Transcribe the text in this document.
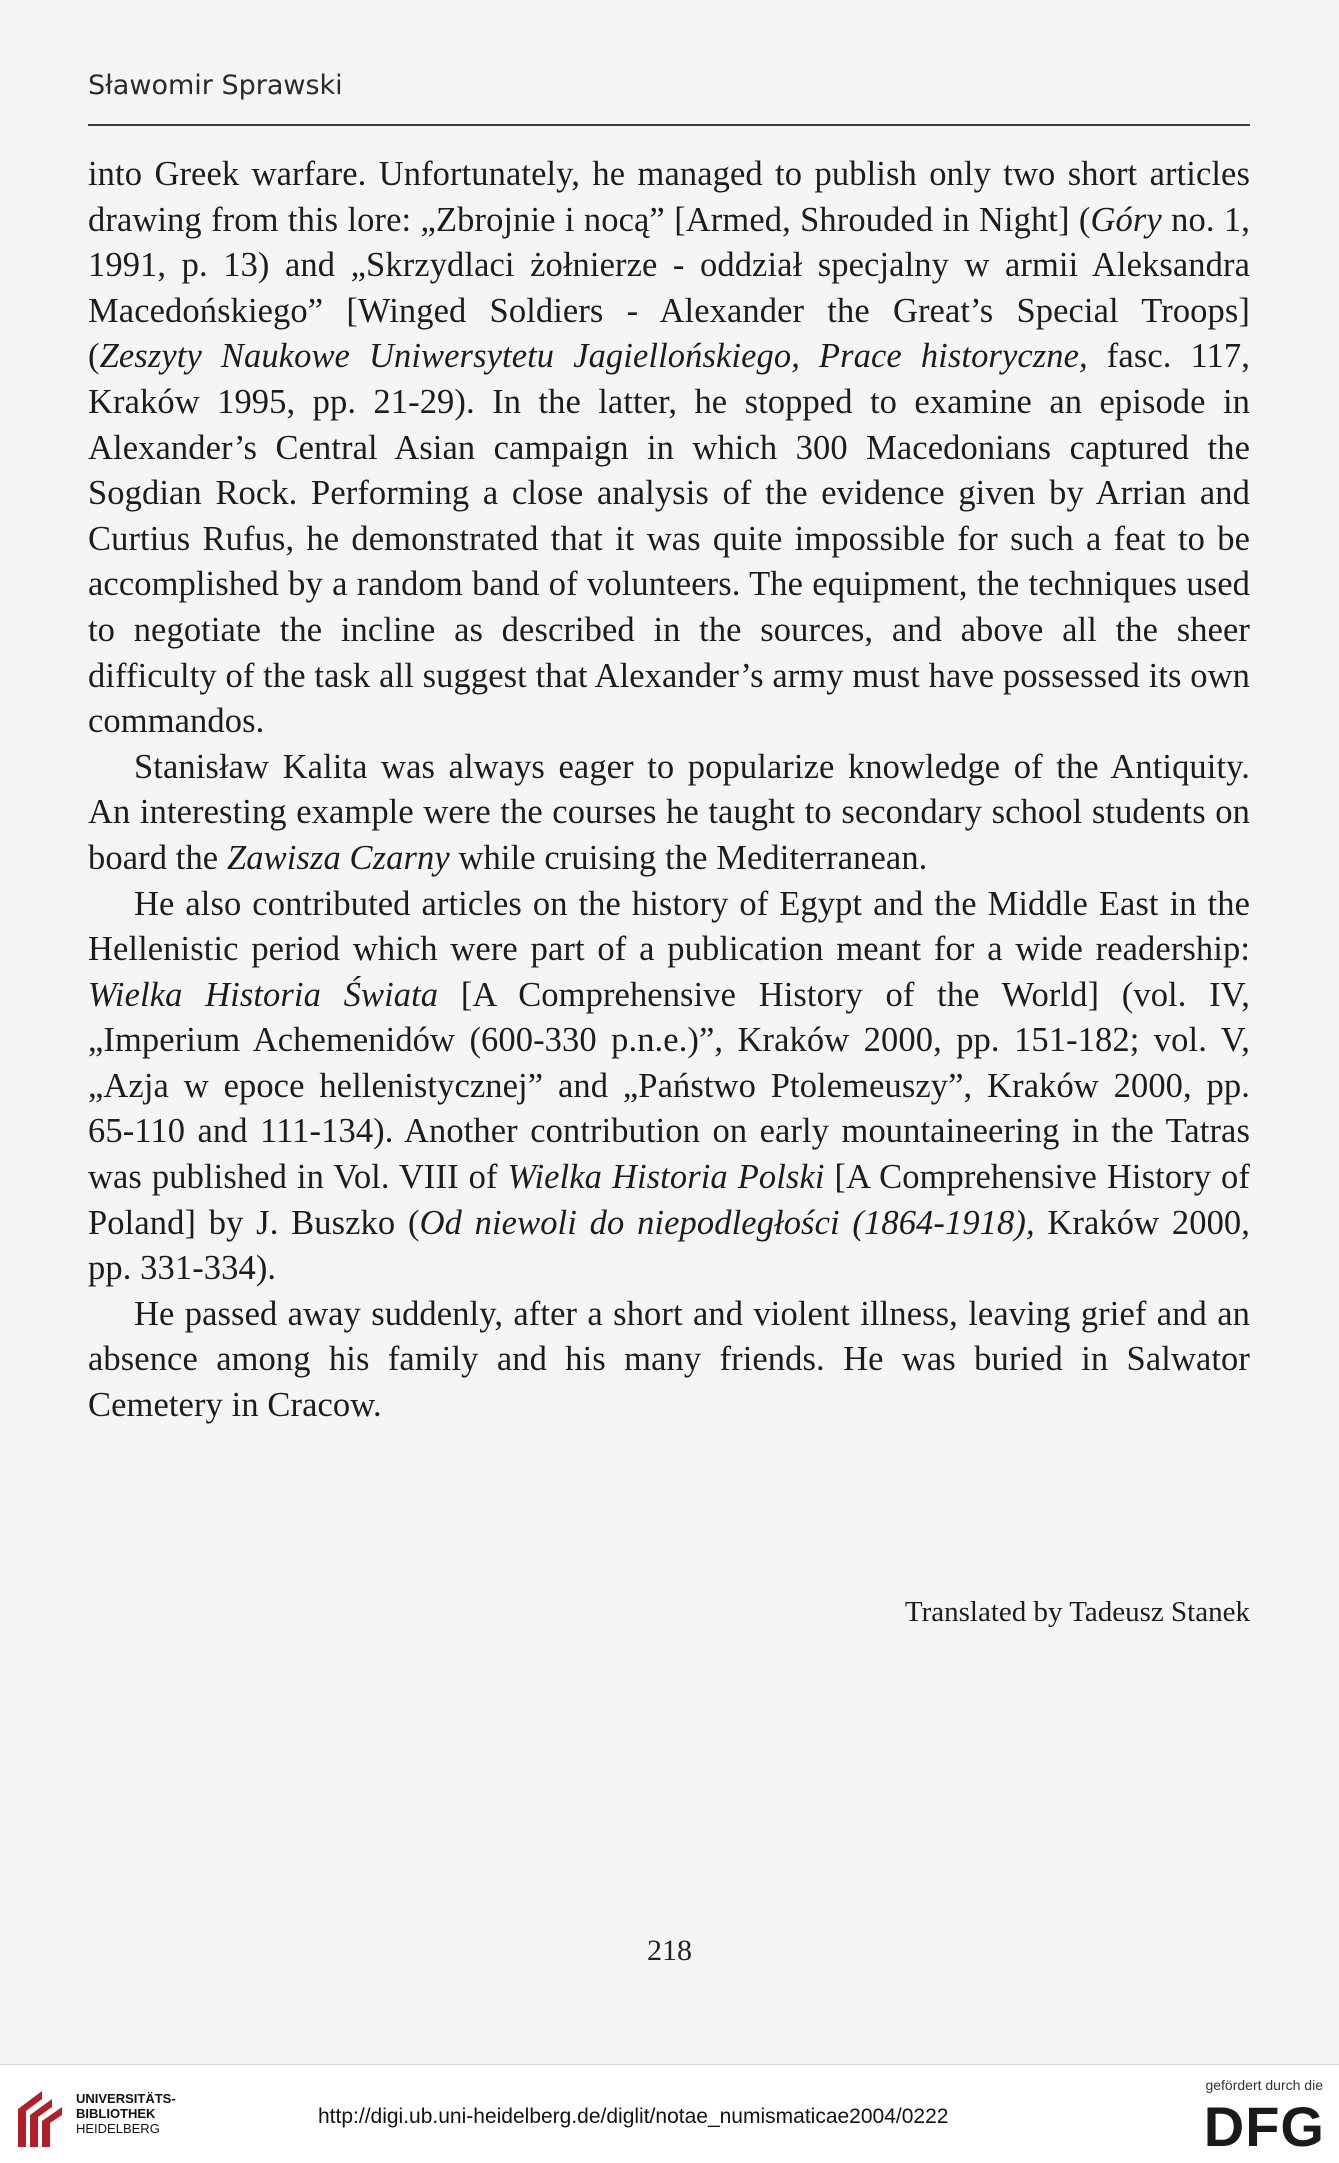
Sławomir Sprawski

into Greek warfare. Unfortunately, he managed to publish only two short articles drawing from this lore: „Zbrojnie i nocą” [Armed, Shrouded in Night] (Góry no. 1, 1991, p. 13) and „Skrzydlaci żołnierze - oddział specjalny w armii Aleksandra Macedońskiego” [Winged Soldiers - Alexander the Great’s Special Troops] (Zeszyty Naukowe Uniwersytetu Jagiellońskiego, Prace historyczne, fasc. 117, Kraków 1995, pp. 21-29). In the latter, he stopped to examine an episode in Alexander’s Central Asian campaign in which 300 Macedonians captured the Sogdian Rock. Performing a close analysis of the evidence given by Arrian and Curtius Rufus, he demonstrated that it was quite impossible for such a feat to be accomplished by a random band of volunteers. The equipment, the techniques used to negotiate the incline as described in the sources, and above all the sheer difficulty of the task all suggest that Alexander’s army must have possessed its own commandos.

Stanisław Kalita was always eager to popularize knowledge of the Antiquity. An interesting example were the courses he taught to secondary school students on board the Zawisza Czarny while cruising the Mediterranean.

He also contributed articles on the history of Egypt and the Middle East in the Hellenistic period which were part of a publication meant for a wide readership: Wielka Historia Świata [A Comprehensive History of the World] (vol. IV, „Imperium Achemenidów (600-330 p.n.e.)”, Kraków 2000, pp. 151-182; vol. V, „Azja w epoce hellenistycznej” and „Państwo Ptolemeuszy”, Kraków 2000, pp. 65-110 and 111-134). Another contribution on early mountaineering in the Tatras was published in Vol. VIII of Wielka Historia Polski [A Comprehensive History of Poland] by J. Buszko (Od niewoli do niepodległości (1864-1918), Kraków 2000, pp. 331-334).

He passed away suddenly, after a short and violent illness, leaving grief and an absence among his family and his many friends. He was buried in Salwator Cemetery in Cracow.

Translated by Tadeusz Stanek
218
UNIVERSITÄTS-
BIBLIOTHEK
HEIDELBERG
http://digi.ub.uni-heidelberg.de/diglit/notae_numismaticae2004/0222
gefördert durch die
DFG
